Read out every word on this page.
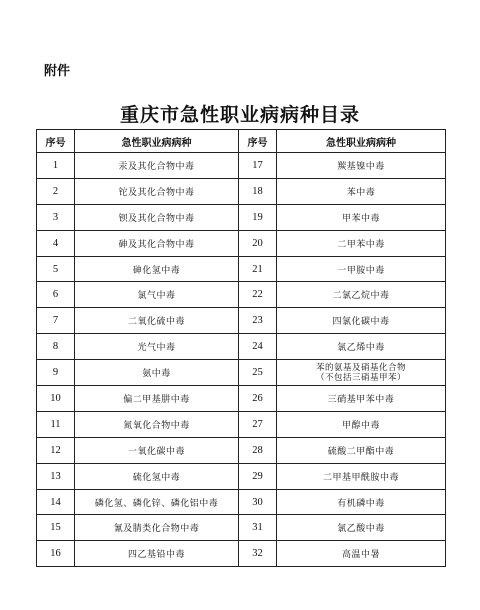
附件
重庆市急性职业病病种目录
序号	急性职业病病种	序号	急性职业病病种
1	汞及其化合物中毒	17	羰基镍中毒

2	铊及其化合物中毒	18	苯中毒

3	钡及其化合物中毒	19	甲苯中毒

4	砷及其化合物中毒	20	二甲苯中毒

5	砷化氢中毒	21	一甲胺中毒

6	氯气中毒	22	二氯乙烷中毒

7	二氧化硫中毒	23	四氯化碳中毒

8	光气中毒	24	氯乙烯中毒

9	氨中毒	25	苯的氨基及硝基化合物
（不包括三硝基甲苯）

10	偏二甲基肼中毒	26	三硝基甲苯中毒

11	氮氧化合物中毒	27	甲醇中毒

12	一氧化碳中毒	28	硫酸二甲酯中毒

13	硫化氢中毒	29	二甲基甲酰胺中毒

14	磷化氢、磷化锌、磷化铝中毒	30	有机磷中毒

15	氰及腈类化合物中毒	31	氯乙酸中毒

16	四乙基铅中毒	32	高温中暑
